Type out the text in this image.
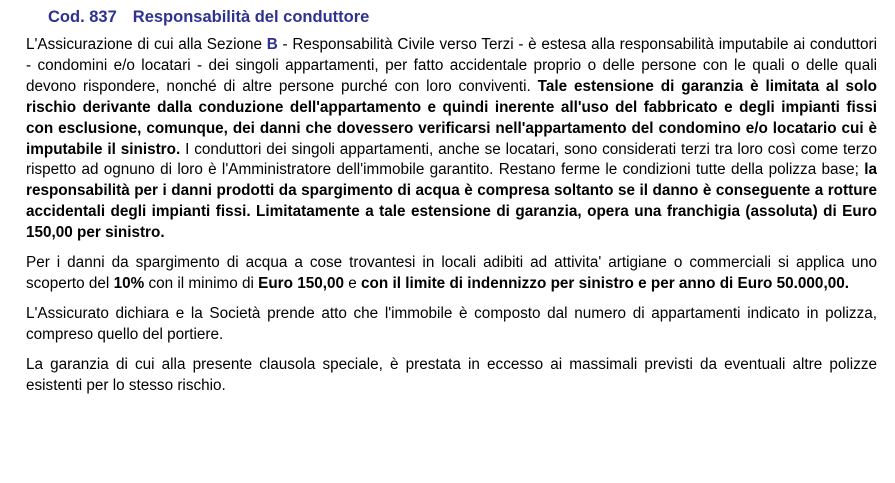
Cod. 837 Responsabilità del conduttore

L'Assicurazione di cui alla Sezione B - Responsabilità Civile verso Terzi - è estesa alla responsabilità imputabile ai conduttori - condomini e/o locatari - dei singoli appartamenti, per fatto accidentale proprio o delle persone con le quali o delle quali devono rispondere, nonché di altre persone purché con loro conviventi. Tale estensione di garanzia è limitata al solo rischio derivante dalla conduzione dell'appartamento e quindi inerente all'uso del fabbricato e degli impianti fissi con esclusione, comunque, dei danni che dovessero verificarsi nell'appartamento del condomino e/o locatario cui è imputabile il sinistro. I conduttori dei singoli appartamenti, anche se locatari, sono considerati terzi tra loro così come terzo rispetto ad ognuno di loro è l'Amministratore dell'immobile garantito. Restano ferme le condizioni tutte della polizza base; la responsabilità per i danni prodotti da spargimento di acqua è compresa soltanto se il danno è conseguente a rotture accidentali degli impianti fissi. Limitatamente a tale estensione di garanzia, opera una franchigia (assoluta) di Euro 150,00 per sinistro.

Per i danni da spargimento di acqua a cose trovantesi in locali adibiti ad attivita' artigiane o commerciali si applica uno scoperto del 10% con il minimo di Euro 150,00 e con il limite di indennizzo per sinistro e per anno di Euro 50.000,00.

L'Assicurato dichiara e la Società prende atto che l'immobile è composto dal numero di appartamenti indicato in polizza, compreso quello del portiere.

La garanzia di cui alla presente clausola speciale, è prestata in eccesso ai massimali previsti da eventuali altre polizze esistenti per lo stesso rischio.
